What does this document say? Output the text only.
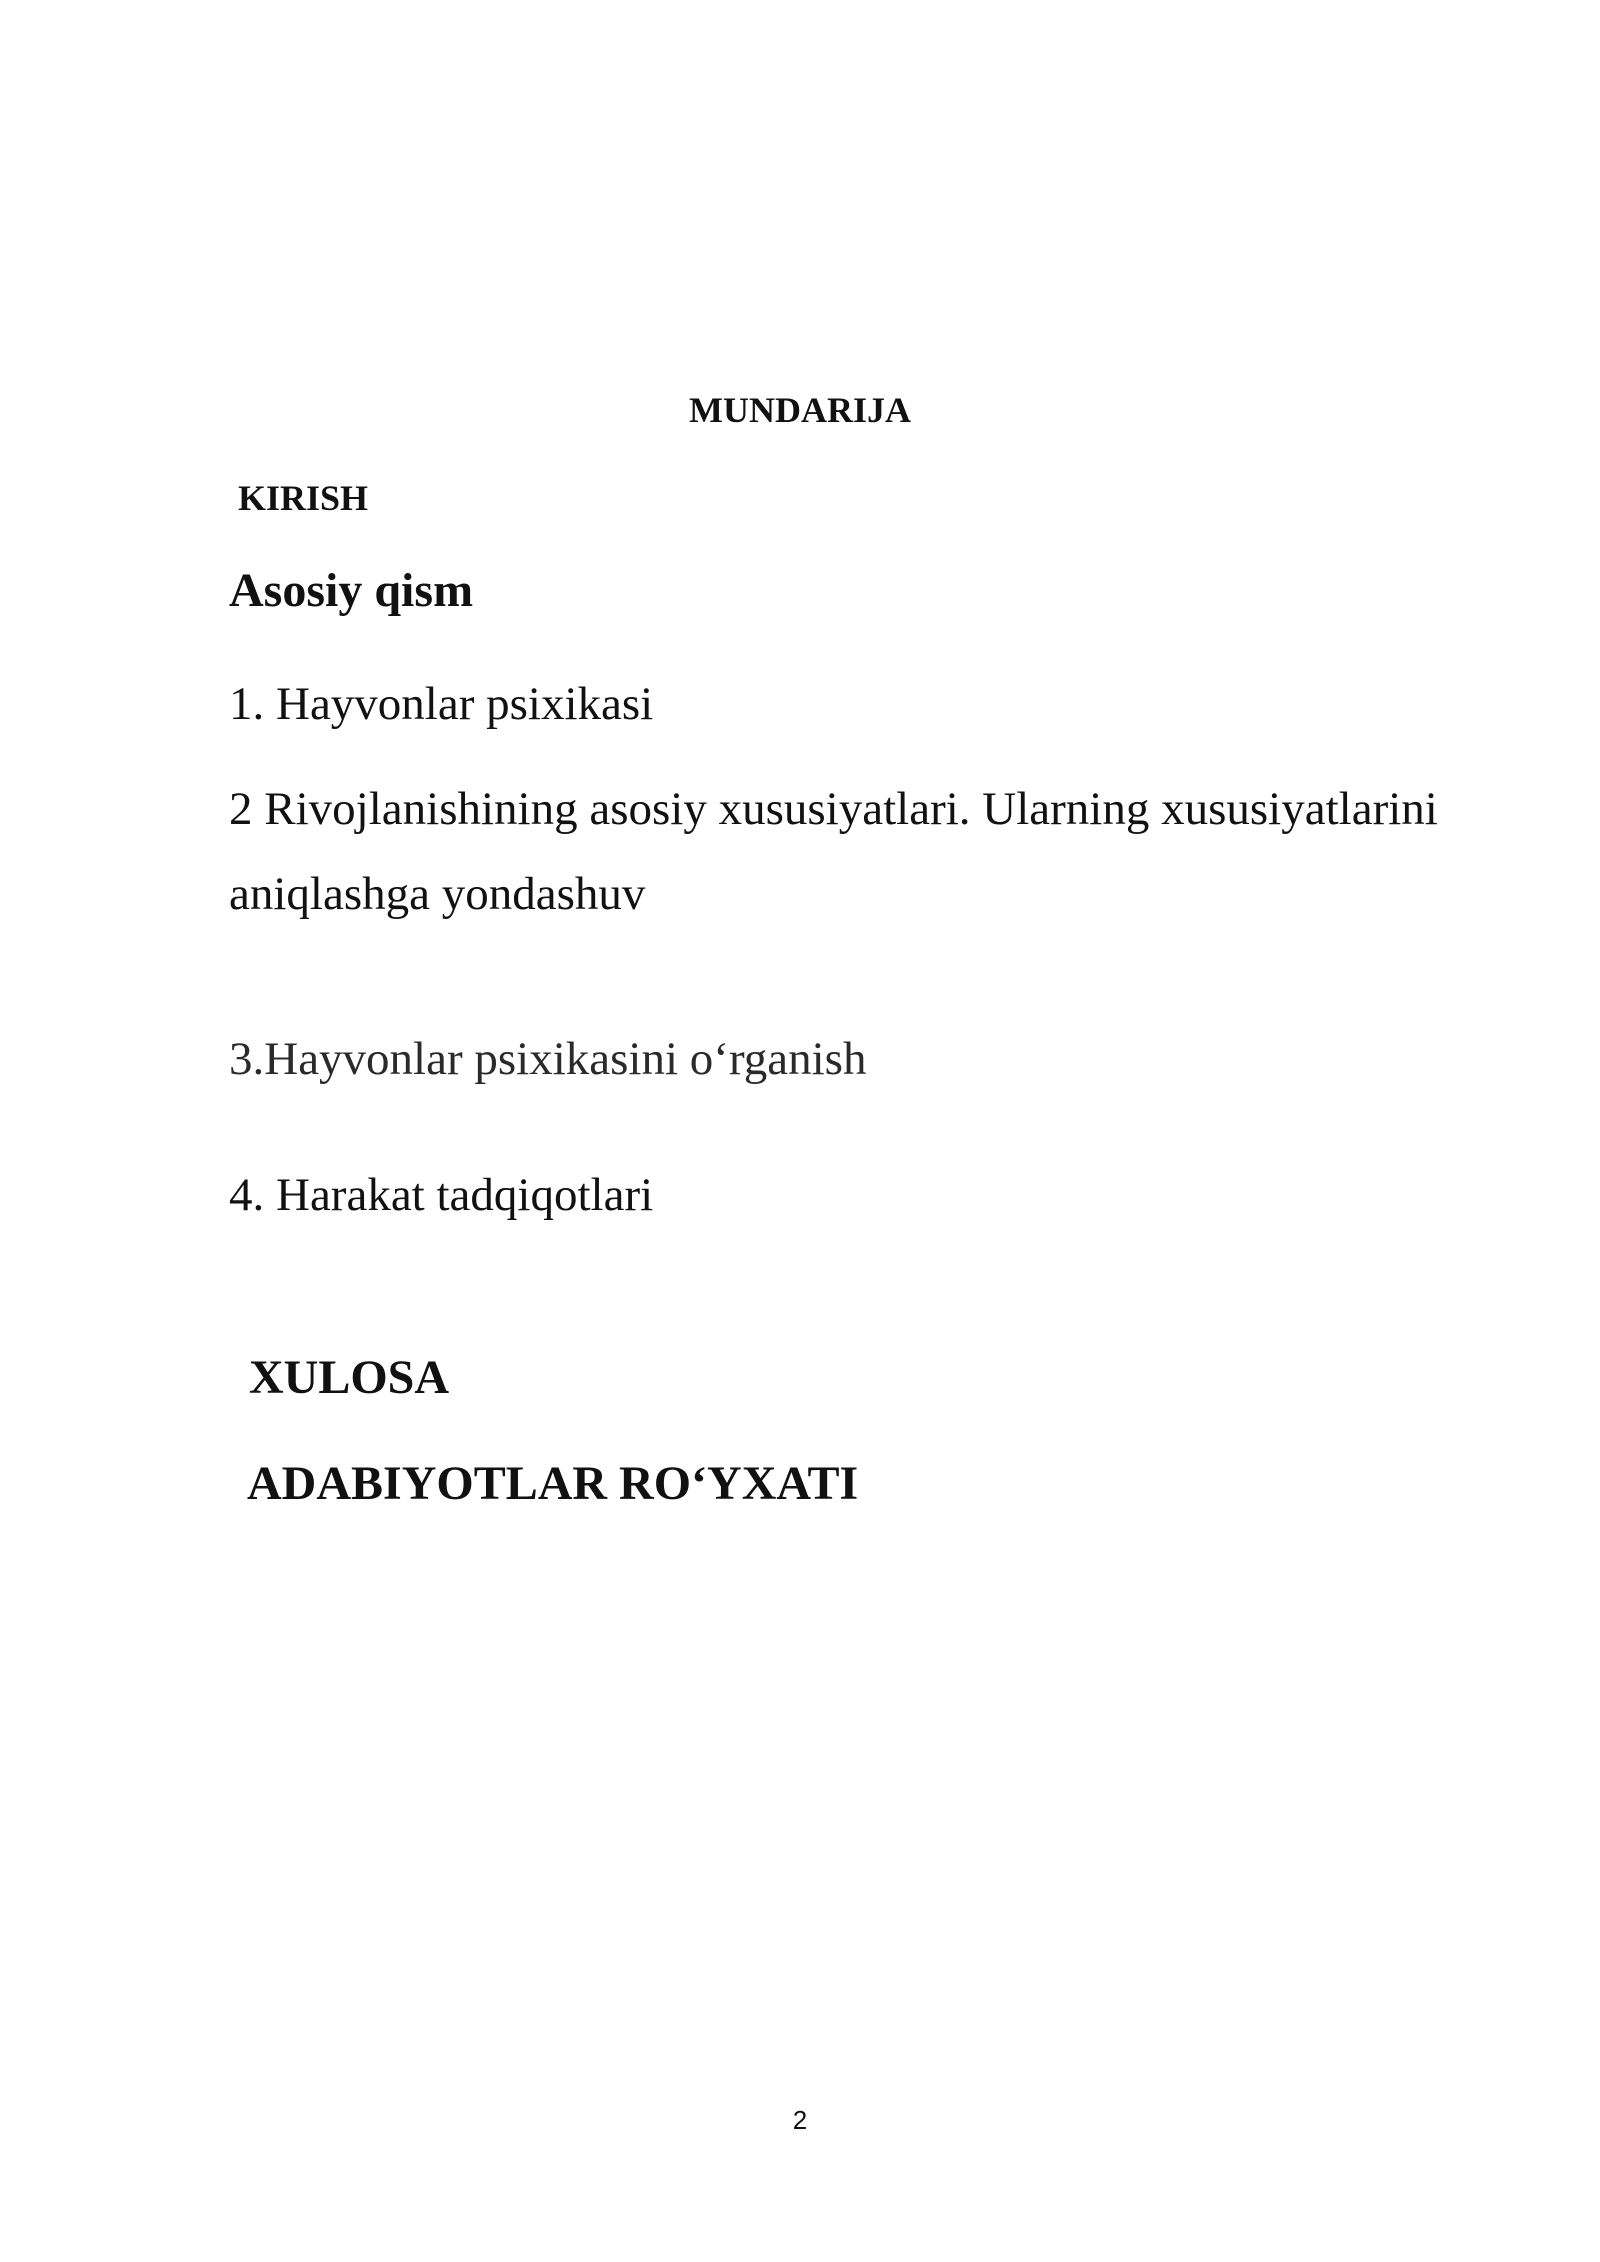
MUNDARIJA
KIRISH
Asosiy qism
1. Hayvonlar psixikasi
2 Rivojlanishining asosiy xususiyatlari. Ularning xususiyatlarini
aniqlashga yondashuv
3.Hayvonlar psixikasini o‘rganish
4. Harakat tadqiqotlari
XULOSA
ADABIYOTLAR RO‘YXATI
2
